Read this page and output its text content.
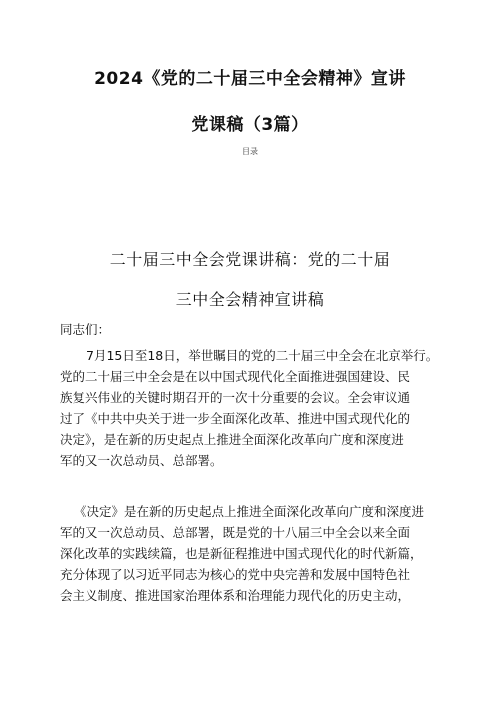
2024《党的二十届三中全会精神》宣讲
党课稿（3篇）
目录
二十届三中全会党课讲稿：党的二十届
三中全会精神宣讲稿
同志们：
7月15日至18日，举世瞩目的党的二十届三中全会在北京举行。
党的二十届三中全会是在以中国式现代化全面推进强国建设、民
族复兴伟业的关键时期召开的一次十分重要的会议。全会审议通
过了《中共中央关于进一步全面深化改革、推进中国式现代化的
决定》，是在新的历史起点上推进全面深化改革向广度和深度进
军的又一次总动员、总部署。
《决定》是在新的历史起点上推进全面深化改革向广度和深度进
军的又一次总动员、总部署，既是党的十八届三中全会以来全面
深化改革的实践续篇，也是新征程推进中国式现代化的时代新篇，
充分体现了以习近平同志为核心的党中央完善和发展中国特色社
会主义制度、推进国家治理体系和治理能力现代化的历史主动，
